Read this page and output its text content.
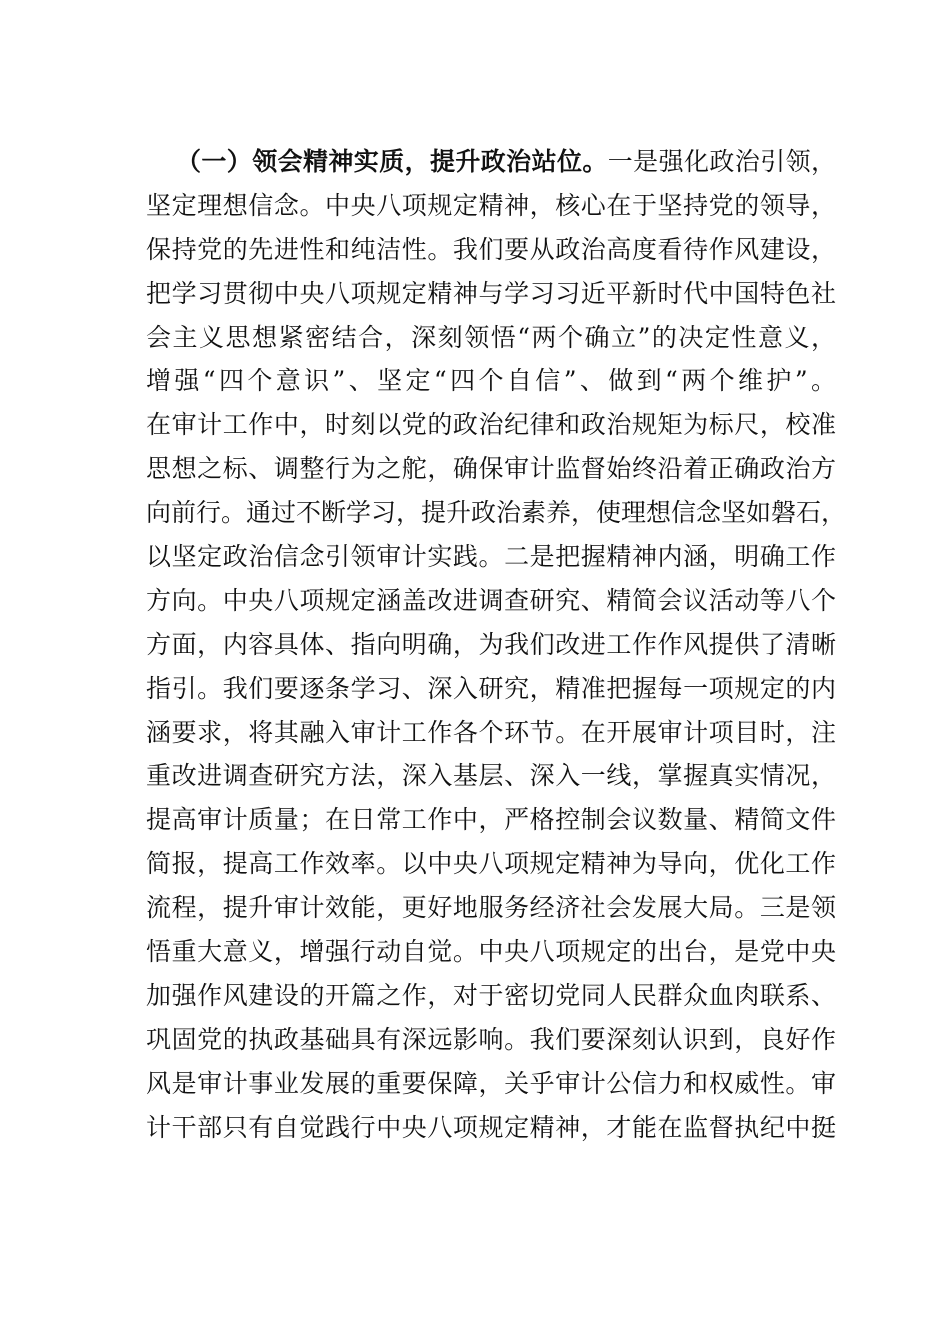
（一）领会精神实质，提升政治站位。一是强化政治引领，
坚定理想信念。中央八项规定精神，核心在于坚持党的领导，
保持党的先进性和纯洁性。我们要从政治高度看待作风建设，
把学习贯彻中央八项规定精神与学习习近平新时代中国特色社
会主义思想紧密结合，深刻领悟“两个确立”的决定性意义，
增强“四个意识”、坚定“四个自信”、做到“两个维护”。
在审计工作中，时刻以党的政治纪律和政治规矩为标尺，校准
思想之标、调整行为之舵，确保审计监督始终沿着正确政治方
向前行。通过不断学习，提升政治素养，使理想信念坚如磐石，
以坚定政治信念引领审计实践。二是把握精神内涵，明确工作
方向。中央八项规定涵盖改进调查研究、精简会议活动等八个
方面，内容具体、指向明确，为我们改进工作作风提供了清晰
指引。我们要逐条学习、深入研究，精准把握每一项规定的内
涵要求，将其融入审计工作各个环节。在开展审计项目时，注
重改进调查研究方法，深入基层、深入一线，掌握真实情况，
提高审计质量；在日常工作中，严格控制会议数量、精简文件
简报，提高工作效率。以中央八项规定精神为导向，优化工作
流程，提升审计效能，更好地服务经济社会发展大局。三是领
悟重大意义，增强行动自觉。中央八项规定的出台，是党中央
加强作风建设的开篇之作，对于密切党同人民群众血肉联系、
巩固党的执政基础具有深远影响。我们要深刻认识到，良好作
风是审计事业发展的重要保障，关乎审计公信力和权威性。审
计干部只有自觉践行中央八项规定精神，才能在监督执纪中挺
